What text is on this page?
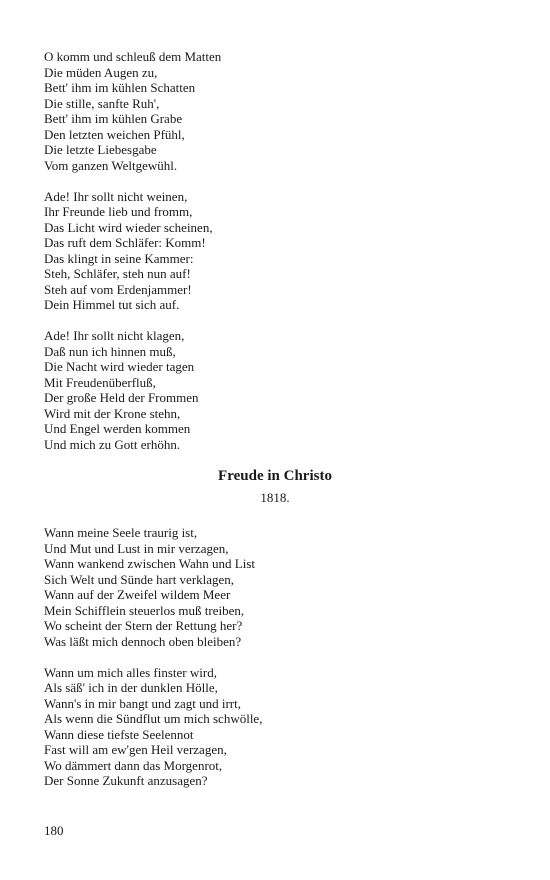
O komm und schleuß dem Matten
Die müden Augen zu,
Bett' ihm im kühlen Schatten
Die stille, sanfte Ruh',
Bett' ihm im kühlen Grabe
Den letzten weichen Pfühl,
Die letzte Liebesgabe
Vom ganzen Weltgewühl.
Ade! Ihr sollt nicht weinen,
Ihr Freunde lieb und fromm,
Das Licht wird wieder scheinen,
Das ruft dem Schläfer: Komm!
Das klingt in seine Kammer:
Steh, Schläfer, steh nun auf!
Steh auf vom Erdenjammer!
Dein Himmel tut sich auf.
Ade! Ihr sollt nicht klagen,
Daß nun ich hinnen muß,
Die Nacht wird wieder tagen
Mit Freudenüberfluß,
Der große Held der Frommen
Wird mit der Krone stehn,
Und Engel werden kommen
Und mich zu Gott erhöhn.
Freude in Christo
1818.
Wann meine Seele traurig ist,
Und Mut und Lust in mir verzagen,
Wann wankend zwischen Wahn und List
Sich Welt und Sünde hart verklagen,
Wann auf der Zweifel wildem Meer
Mein Schifflein steuerlos muß treiben,
Wo scheint der Stern der Rettung her?
Was läßt mich dennoch oben bleiben?
Wann um mich alles finster wird,
Als säß' ich in der dunklen Hölle,
Wann's in mir bangt und zagt und irrt,
Als wenn die Sündflut um mich schwölle,
Wann diese tiefste Seelennot
Fast will am ew'gen Heil verzagen,
Wo dämmert dann das Morgenrot,
Der Sonne Zukunft anzusagen?
180
